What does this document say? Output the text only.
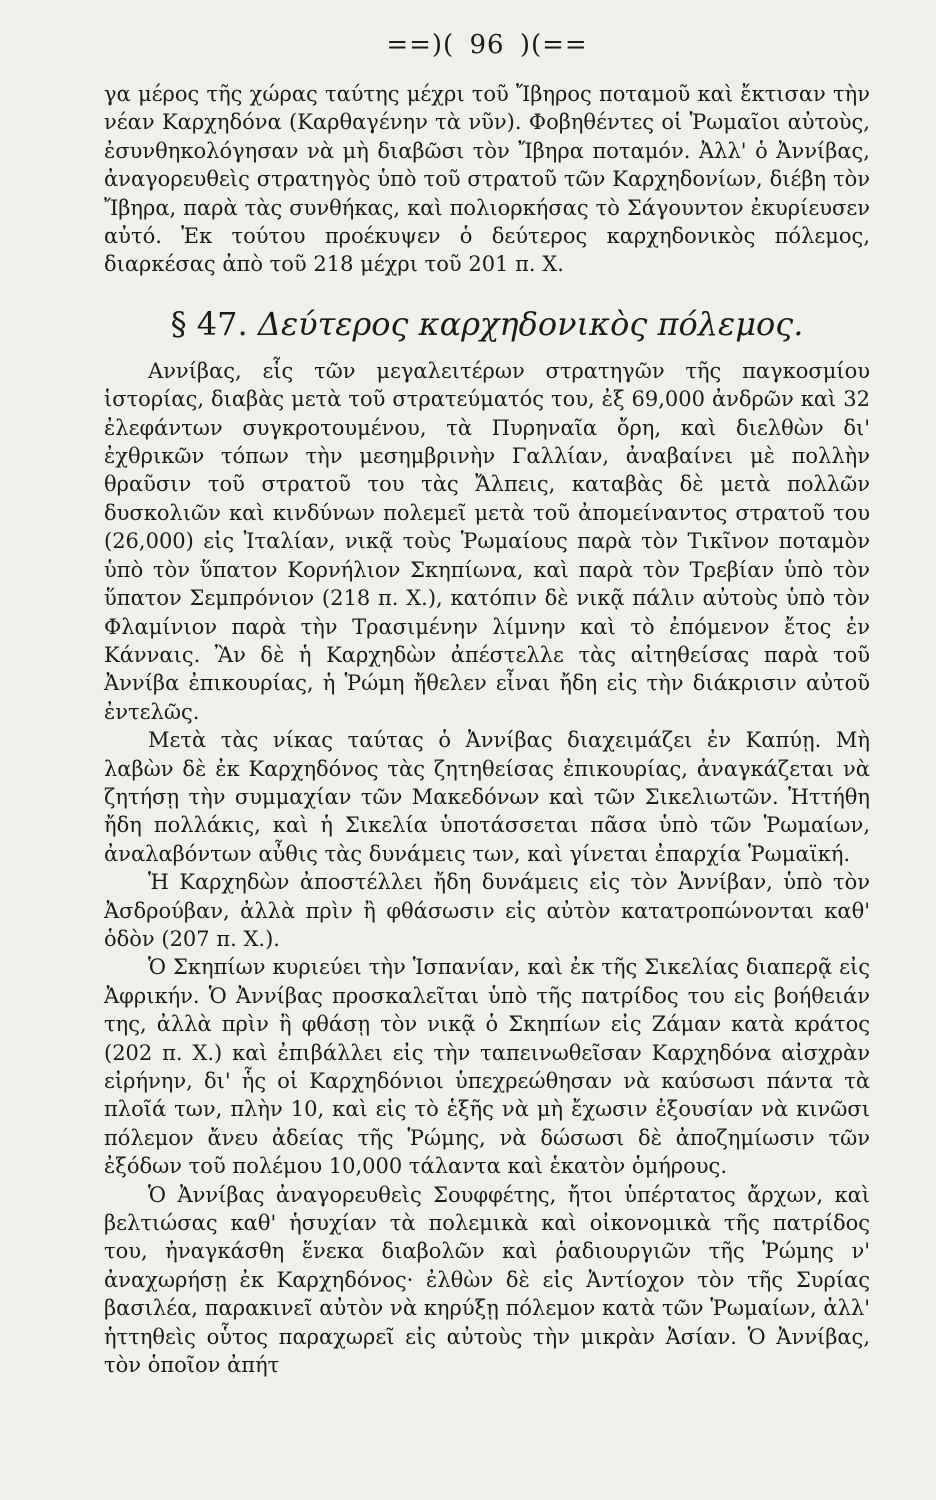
==)( 96 )(==

γα μέρος τῆς χώρας ταύτης μέχρι τοῦ Ἴβηρος ποταμοῦ καὶ ἔκτισαν τὴν νέαν Καρχηδόνα (Καρθαγένην τὰ νῦν). Φοβηθέντες οἱ Ῥωμαῖοι αὐτοὺς, ἐσυνθηκολόγησαν νὰ μὴ διαβῶσι τὸν Ἴβηρα ποταμόν. Ἀλλ' ὁ Ἀννίβας, ἀναγορευθεὶς στρατηγὸς ὑπὸ τοῦ στρατοῦ τῶν Καρχηδονίων, διέβη τὸν Ἴβηρα, παρὰ τὰς συνθήκας, καὶ πολιορκήσας τὸ Σάγουντον ἐκυρίευσεν αὐτό. Ἐκ τούτου προέκυψεν ὁ δεύτερος καρχηδονικὸς πόλεμος, διαρκέσας ἀπὸ τοῦ 218 μέχρι τοῦ 201 π. Χ.

§ 47. Δεύτερος καρχηδονικὸς πόλεμος.

Αννίβας, εἷς τῶν μεγαλειτέρων στρατηγῶν τῆς παγκοσμίου ἱστορίας, διαβὰς μετὰ τοῦ στρατεύματός του, ἐξ 69,000 ἀνδρῶν καὶ 32 ἐλεφάντων συγκροτουμένου, τὰ Πυρηναῖα ὄρη, καὶ διελθὼν δι' ἐχθρικῶν τόπων τὴν μεσημβρινὴν Γαλλίαν, ἀναβαίνει μὲ πολλὴν θραῦσιν τοῦ στρατοῦ του τὰς Ἄλπεις, καταβὰς δὲ μετὰ πολλῶν δυσκολιῶν καὶ κινδύνων πολεμεῖ μετὰ τοῦ ἀπομείναντος στρατοῦ του (26,000) εἰς Ἰταλίαν, νικᾷ τοὺς Ῥωμαίους παρὰ τὸν Τικῖνον ποταμὸν ὑπὸ τὸν ὕπατον Κορνήλιον Σκηπίωνα, καὶ παρὰ τὸν Τρεβίαν ὑπὸ τὸν ὕπατον Σεμπρόνιον (218 π. Χ.), κατόπιν δὲ νικᾷ πάλιν αὐτοὺς ὑπὸ τὸν Φλαμίνιον παρὰ τὴν Τρασιμένην λίμνην καὶ τὸ ἐπόμενον ἔτος ἐν Κάνναις. Ἂν δὲ ἡ Καρχηδὼν ἀπέστελλε τὰς αἰτηθείσας παρὰ τοῦ Ἀννίβα ἐπικουρίας, ἡ Ῥώμη ἤθελεν εἶναι ἤδη εἰς τὴν διάκρισιν αὐτοῦ ἐντελῶς.

Μετὰ τὰς νίκας ταύτας ὁ Ἀννίβας διαχειμάζει ἐν Καπύῃ. Μὴ λαβὼν δὲ ἐκ Καρχηδόνος τὰς ζητηθείσας ἐπικουρίας, ἀναγκάζεται νὰ ζητήσῃ τὴν συμμαχίαν τῶν Μακεδόνων καὶ τῶν Σικελιωτῶν. Ἡττήθη ἤδη πολλάκις, καὶ ἡ Σικελία ὑποτάσσεται πᾶσα ὑπὸ τῶν Ῥωμαίων, ἀναλαβόντων αὖθις τὰς δυνάμεις των, καὶ γίνεται ἐπαρχία Ῥωμαϊκή.

Ἡ Καρχηδὼν ἀποστέλλει ἤδη δυνάμεις εἰς τὸν Ἀννίβαν, ὑπὸ τὸν Ἀσδρούβαν, ἀλλὰ πρὶν ἢ φθάσωσιν εἰς αὐτὸν κατατροπώνονται καθ' ὁδὸν (207 π. Χ.).

Ὁ Σκηπίων κυριεύει τὴν Ἱσπανίαν, καὶ ἐκ τῆς Σικελίας διαπερᾷ εἰς Ἀφρικήν. Ὁ Ἀννίβας προσκαλεῖται ὑπὸ τῆς πατρίδος του εἰς βοήθειάν της, ἀλλὰ πρὶν ἢ φθάσῃ τὸν νικᾷ ὁ Σκηπίων εἰς Ζάμαν κατὰ κράτος (202 π. Χ.) καὶ ἐπιβάλλει εἰς τὴν ταπεινωθεῖσαν Καρχηδόνα αἰσχρὰν εἰρήνην, δι' ἧς οἱ Καρχηδόνιοι ὑπεχρεώθησαν νὰ καύσωσι πάντα τὰ πλοῖά των, πλὴν 10, καὶ εἰς τὸ ἑξῆς νὰ μὴ ἔχωσιν ἐξουσίαν νὰ κινῶσι πόλεμον ἄνευ ἀδείας τῆς Ῥώμης, νὰ δώσωσι δὲ ἀποζημίωσιν τῶν ἐξόδων τοῦ πολέμου 10,000 τάλαντα καὶ ἑκατὸν ὁμήρους.

Ὁ Ἀννίβας ἀναγορευθεὶς Σουφφέτης, ἤτοι ὑπέρτατος ἄρχων, καὶ βελτιώσας καθ' ἡσυχίαν τὰ πολεμικὰ καὶ οἰκονομικὰ τῆς πατρίδος του, ἠναγκάσθη ἕνεκα διαβολῶν καὶ ῥαδιουργιῶν τῆς Ῥώμης ν' ἀναχωρήσῃ ἐκ Καρχηδόνος· ἐλθὼν δὲ εἰς Ἀντίοχον τὸν τῆς Συρίας βασιλέα, παρακινεῖ αὐτὸν νὰ κηρύξῃ πόλεμον κατὰ τῶν Ῥωμαίων, ἀλλ' ἡττηθεὶς οὗτος παραχωρεῖ εἰς αὐτοὺς τὴν μικρὰν Ἀσίαν. Ὁ Ἀννίβας, τὸν ὁποῖον ἀπήτ
